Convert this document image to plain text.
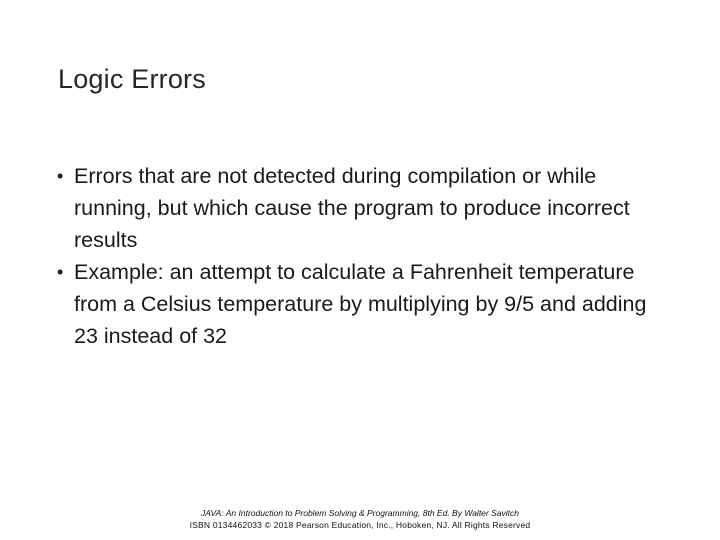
Logic Errors
• Errors that are not detected during compilation or while running, but which cause the program to produce incorrect results
• Example: an attempt to calculate a Fahrenheit temperature from a Celsius temperature by multiplying by 9/5 and adding 23 instead of 32
JAVA: An Introduction to Problem Solving & Programming, 8th Ed. By Walter Savitch
ISBN 0134462033 © 2018 Pearson Education, Inc., Hoboken, NJ. All Rights Reserved
